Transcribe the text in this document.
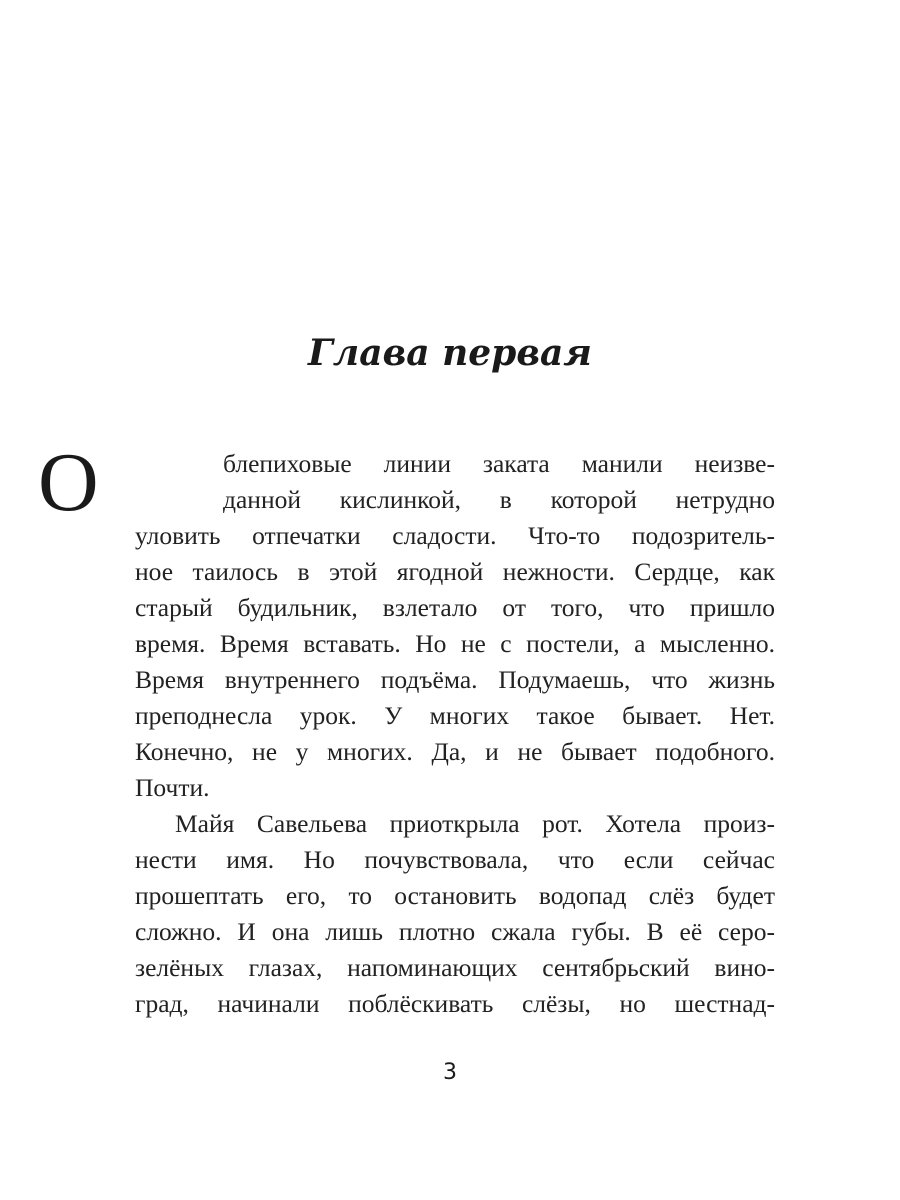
Глава первая
О	блепиховые линии заката манили неизве-
данной кислинкой, в которой нетрудно
уловить отпечатки сладости. Что-то подозритель-
ное таилось в этой ягодной нежности. Сердце, как
старый будильник, взлетало от того, что пришло
время. Время вставать. Но не с постели, а мысленно.
Время внутреннего подъёма. Подумаешь, что жизнь
преподнесла урок. У многих такое бывает. Нет.
Конечно, не у многих. Да, и не бывает подобного.
Почти.
Майя Савельева приоткрыла рот. Хотела произ-
нести имя. Но почувствовала, что если сейчас
прошептать его, то остановить водопад слёз будет
сложно. И она лишь плотно сжала губы. В её серо-
зелёных глазах, напоминающих сентябрьский вино-
град, начинали поблёскивать слёзы, но шестнад-
3
